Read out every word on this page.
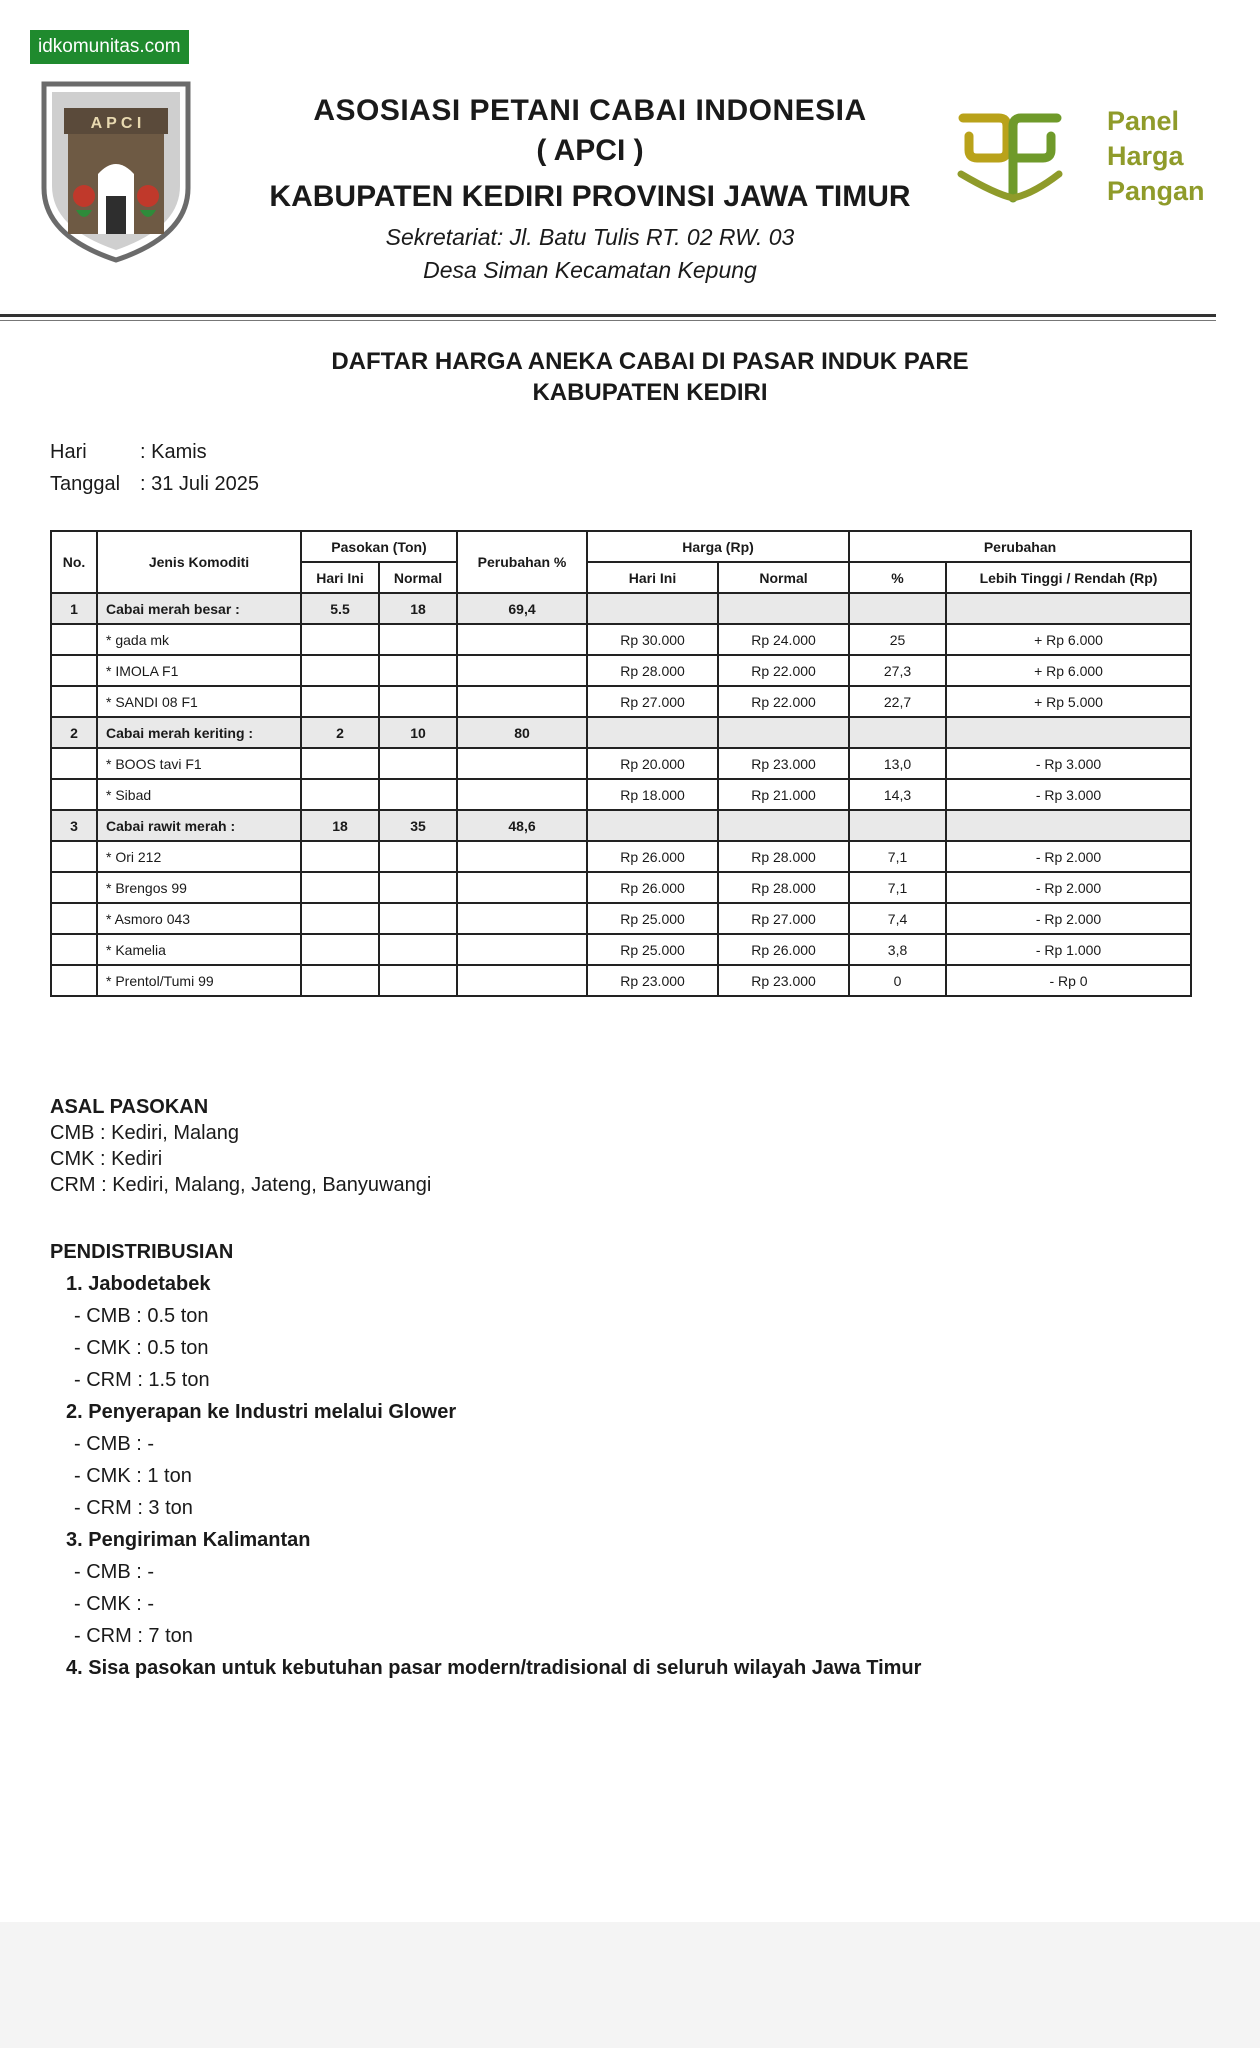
idkomunitas.com
A P C I	ASOSIASI PETANI CABAI INDONESIA
( APCI )
KABUPATEN KEDIRI PROVINSI JAWA TIMUR
Sekretariat: Jl. Batu Tulis RT. 02 RW. 03
Desa Siman Kecamatan Kepung
Panel
Harga
Pangan
DAFTAR HARGA ANEKA CABAI DI PASAR INDUK PARE
KABUPATEN KEDIRI
Hari	: Kamis
Tanggal : 31 Juli 2025
No.	Jenis Komoditi	Pasokan (Ton)		Perubahan %	Harga (Rp)		Perubahan	
		Hari Ini	Normal		Hari Ini	Normal	%	Lebih Tinggi / Rendah (Rp)
1	Cabai merah besar :	5.5	18	69,4				
	* gada mk				Rp 30.000	Rp 24.000	25	+ Rp 6.000
	* IMOLA F1				Rp 28.000	Rp 22.000	27,3	+ Rp 6.000
	* SANDI 08 F1				Rp 27.000	Rp 22.000	22,7	+ Rp 5.000
2	Cabai merah keriting :	2	10	80				
	* BOOS tavi F1				Rp 20.000	Rp 23.000	13,0	- Rp 3.000
	* Sibad				Rp 18.000	Rp 21.000	14,3	- Rp 3.000
3	Cabai rawit merah :	18	35	48,6				
	* Ori 212				Rp 26.000	Rp 28.000	7,1	- Rp 2.000
	* Brengos 99				Rp 26.000	Rp 28.000	7,1	- Rp 2.000
	* Asmoro 043				Rp 25.000	Rp 27.000	7,4	- Rp 2.000
	* Kamelia				Rp 25.000	Rp 26.000	3,8	- Rp 1.000
	* Prentol/Tumi 99				Rp 23.000	Rp 23.000	0	- Rp 0
ASAL PASOKAN
CMB : Kediri, Malang
CMK : Kediri
CRM : Kediri, Malang, Jateng, Banyuwangi
PENDISTRIBUSIAN
1. Jabodetabek
- CMB : 0.5 ton
- CMK : 0.5 ton
- CRM : 1.5 ton
2. Penyerapan ke Industri melalui Glower
- CMB : -
- CMK : 1 ton
- CRM : 3 ton
3. Pengiriman Kalimantan
- CMB : -
- CMK : -
- CRM : 7 ton
4. Sisa pasokan untuk kebutuhan pasar modern/tradisional di seluruh wilayah Jawa Timur
